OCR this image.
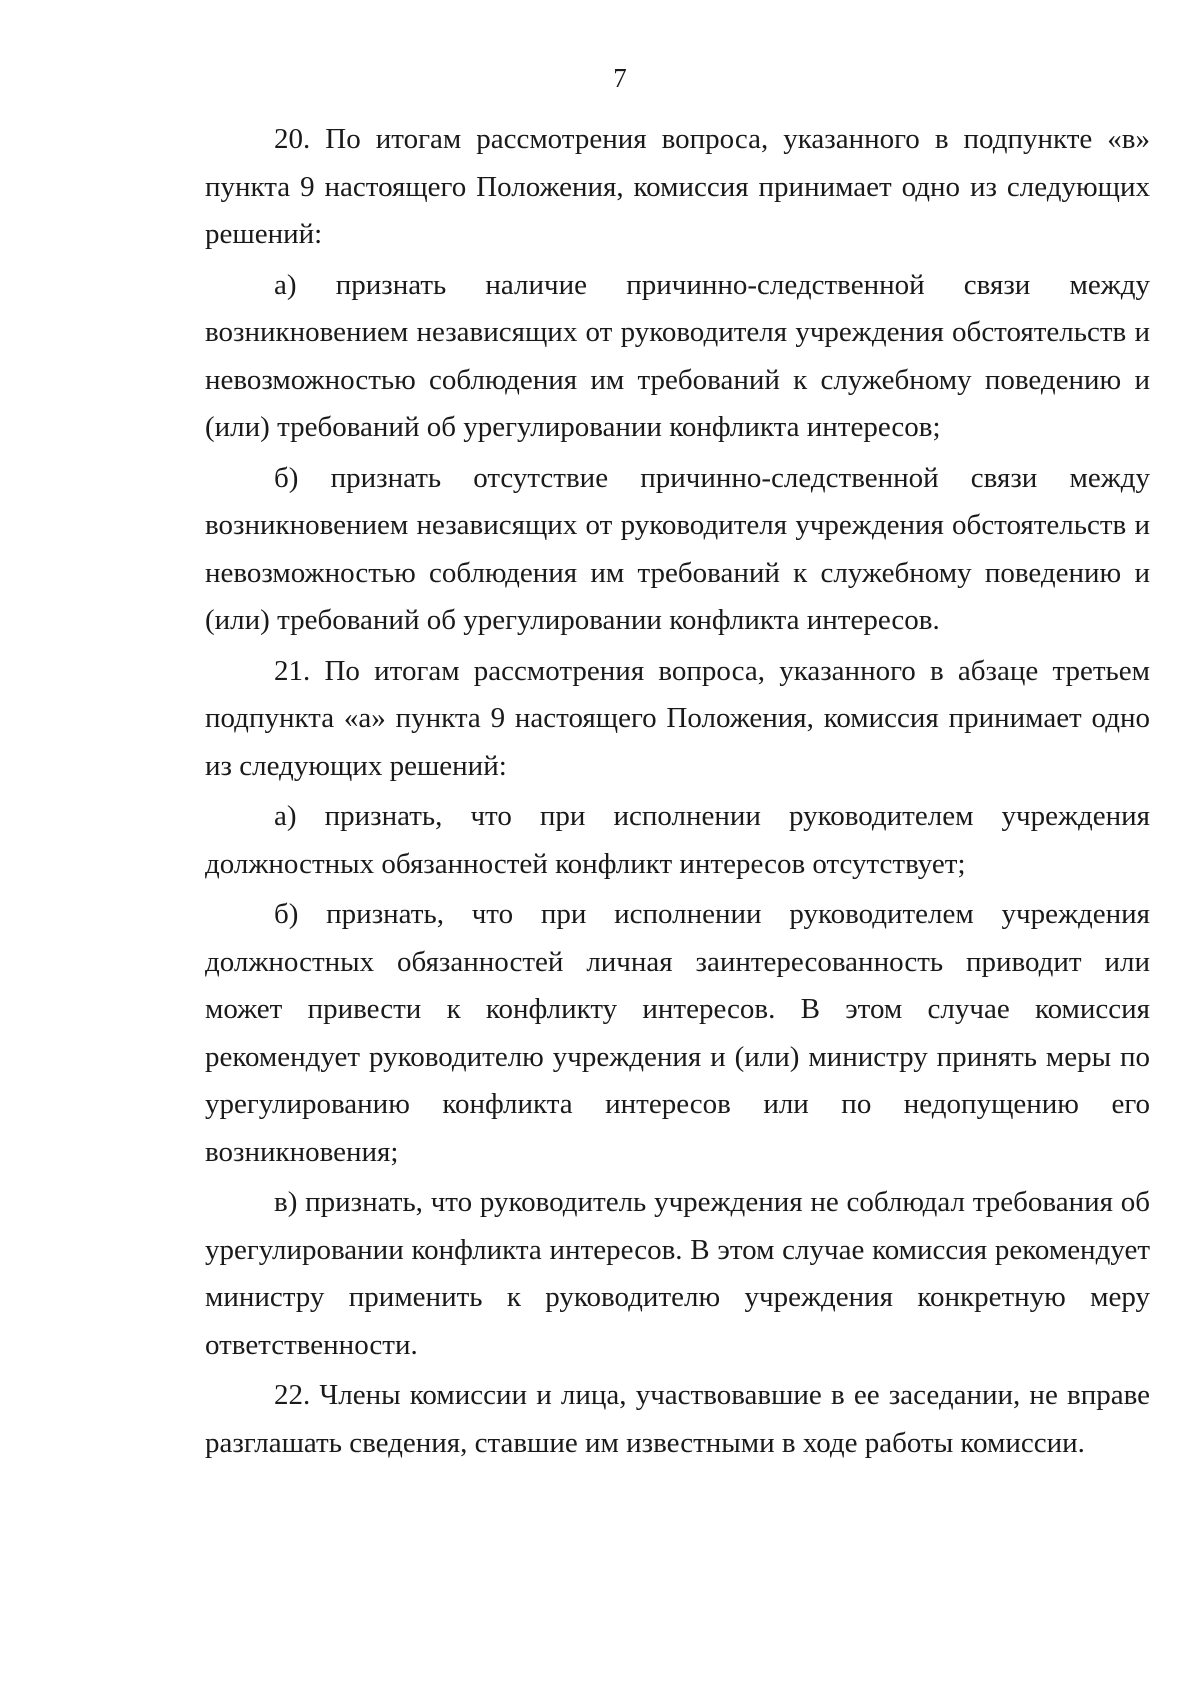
7

20. По итогам рассмотрения вопроса, указанного в подпункте «в» пункта 9 настоящего Положения, комиссия принимает одно из следующих решений:

а) признать наличие причинно-следственной связи между возникновением независящих от руководителя учреждения обстоятельств и невозможностью соблюдения им требований к служебному поведению и (или) требований об урегулировании конфликта интересов;

б) признать отсутствие причинно-следственной связи между возникновением независящих от руководителя учреждения обстоятельств и невозможностью соблюдения им требований к служебному поведению и (или) требований об урегулировании конфликта интересов.

21. По итогам рассмотрения вопроса, указанного в абзаце третьем подпункта «а» пункта 9 настоящего Положения, комиссия принимает одно из следующих решений:

а) признать, что при исполнении руководителем учреждения должностных обязанностей конфликт интересов отсутствует;

б) признать, что при исполнении руководителем учреждения должностных обязанностей личная заинтересованность приводит или может привести к конфликту интересов. В этом случае комиссия рекомендует руководителю учреждения и (или) министру принять меры по урегулированию конфликта интересов или по недопущению его возникновения;

в) признать, что руководитель учреждения не соблюдал требования об урегулировании конфликта интересов. В этом случае комиссия рекомендует министру применить к руководителю учреждения конкретную меру ответственности.

22. Члены комиссии и лица, участвовавшие в ее заседании, не вправе разглашать сведения, ставшие им известными в ходе работы комиссии.
